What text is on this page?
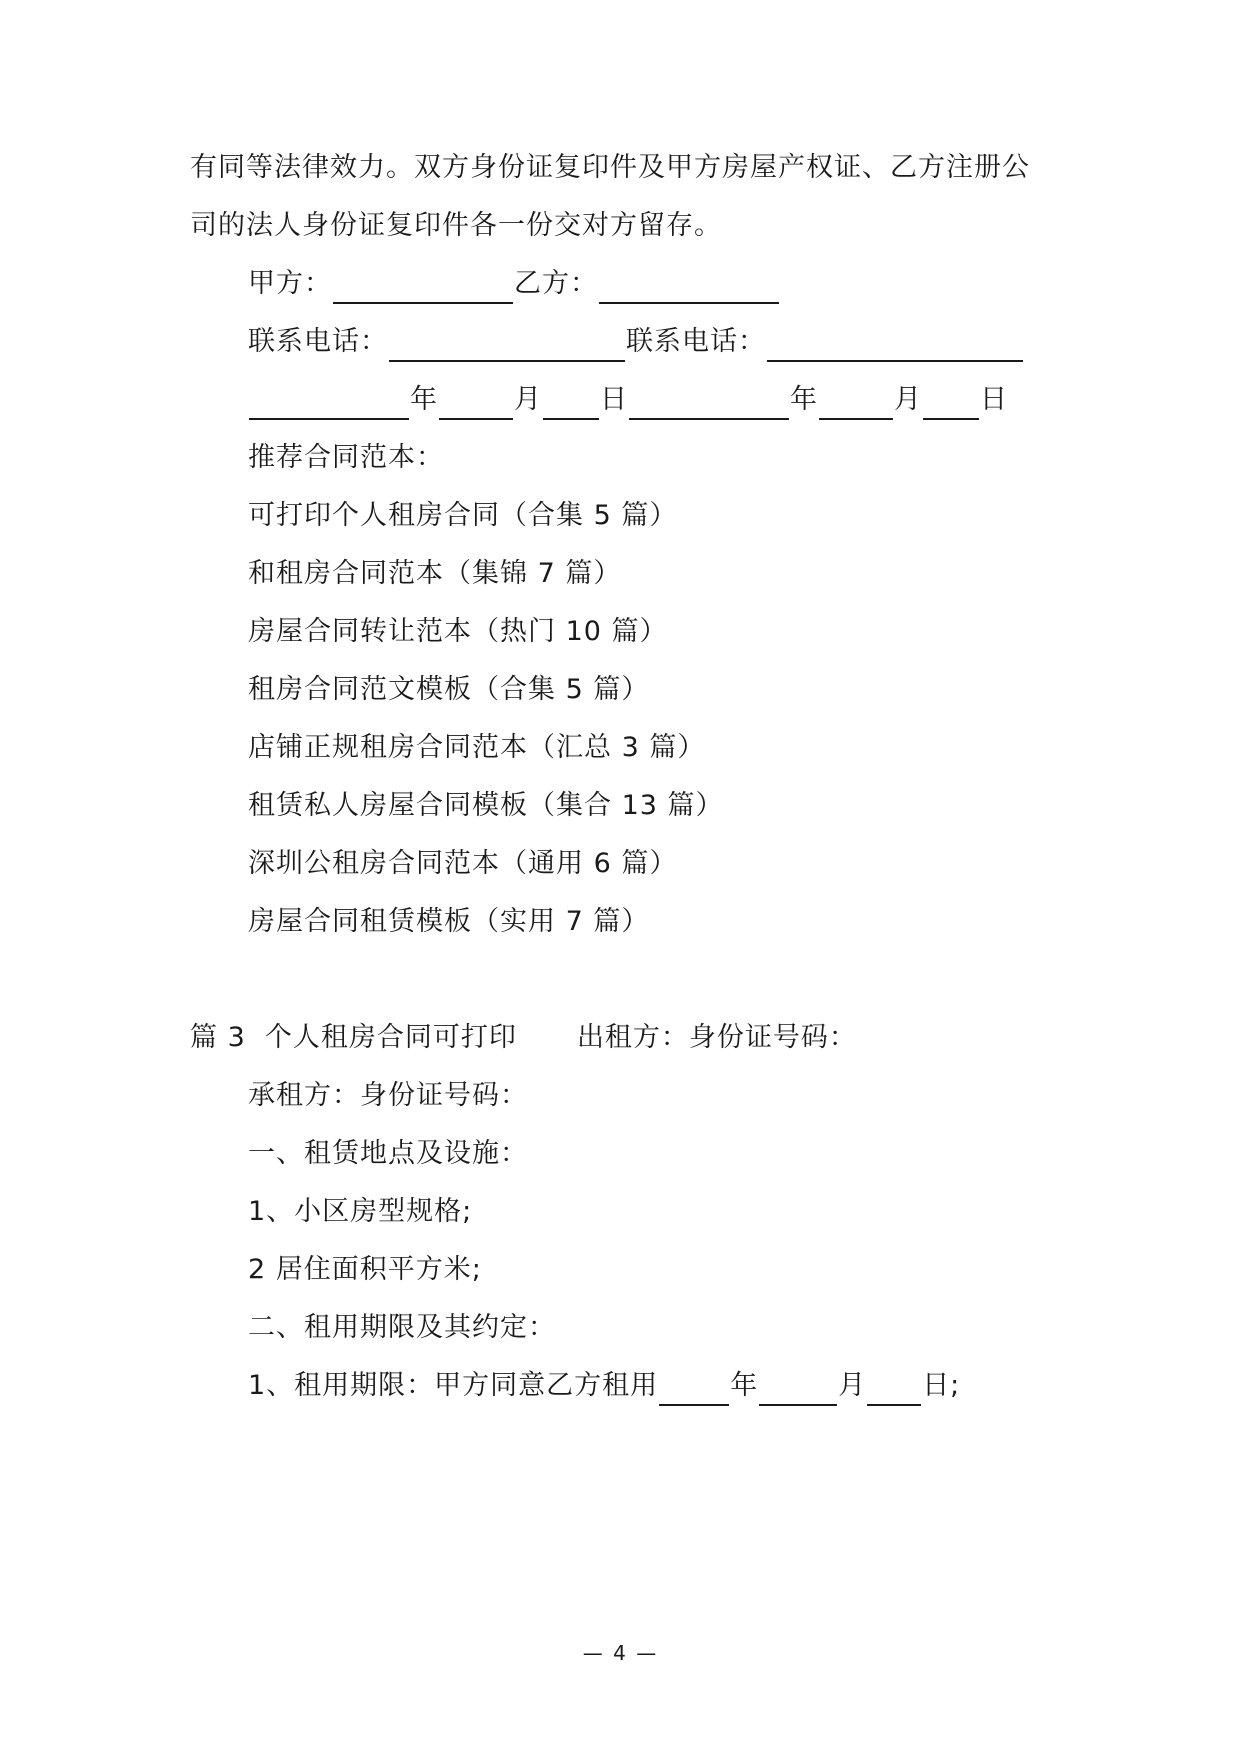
有同等法律效力。双方身份证复印件及甲方房屋产权证、乙方注册公
司的法人身份证复印件各一份交对方留存。
甲方：	乙方：
联系电话：	联系电话：
年	月 日	年	月 日
推荐合同范本：
可打印个人租房合同（合集 5 篇）
和租房合同范本（集锦 7 篇）
房屋合同转让范本（热门 10 篇）
租房合同范文模板（合集 5 篇）
店铺正规租房合同范本（汇总 3 篇）
租赁私人房屋合同模板（集合 13 篇）
深圳公租房合同范本（通用 6 篇）
房屋合同租赁模板（实用 7 篇）
篇 3  个人租房合同可打印 出租方：身份证号码：
承租方：身份证号码：
一、租赁地点及设施：
1、小区房型规格;
2 居住面积平方米;
二、租用期限及其约定：
1、租用期限：甲方同意乙方租用	年	月 日;
— 4 —
